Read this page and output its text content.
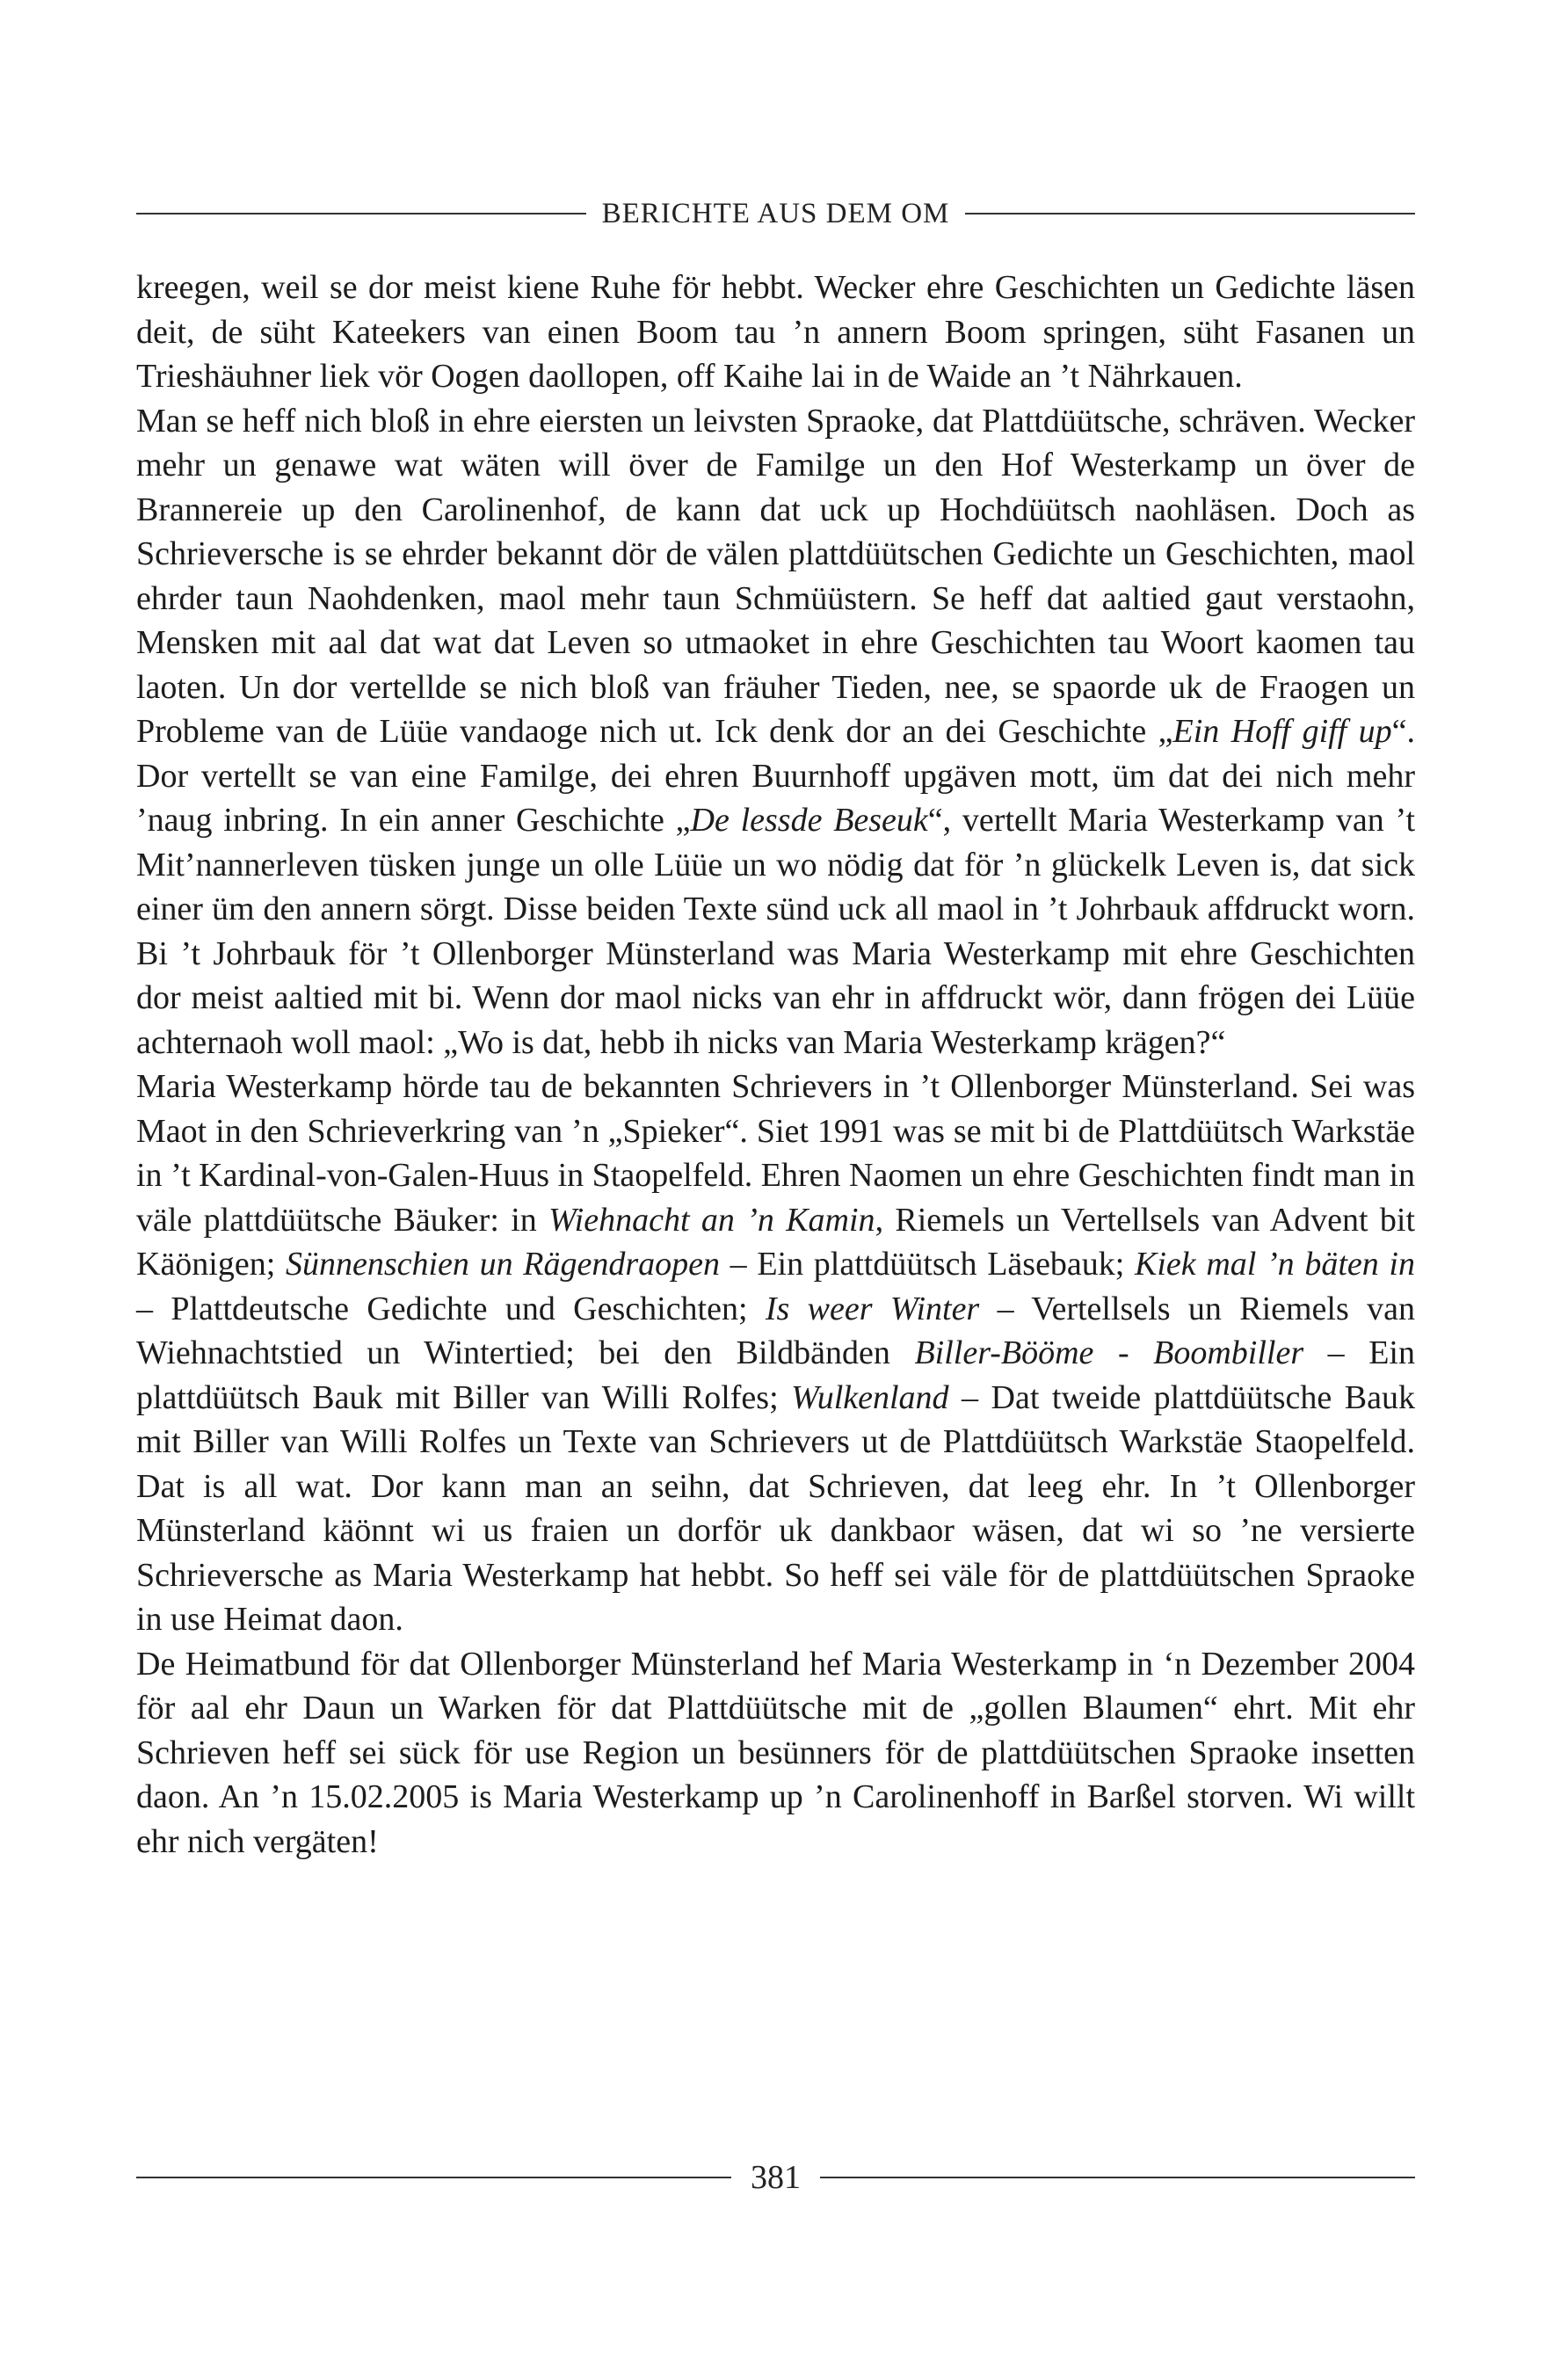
BERICHTE AUS DEM OM

kreegen, weil se dor meist kiene Ruhe för hebbt. Wecker ehre Geschichten un Gedichte läsen deit, de süht Kateekers van einen Boom tau ’n annern Boom springen, süht Fasanen un Trieshäuhner liek vör Oogen daollopen, off Kaihe lai in de Waide an ’t Nährkauen.

Man se heff nich bloß in ehre eiersten un leivsten Spraoke, dat Plattdüütsche, schräven. Wecker mehr un genawe wat wäten will över de Familge un den Hof Westerkamp un över de Brannereie up den Carolinenhof, de kann dat uck up Hochdüütsch naohläsen. Doch as Schrieversche is se ehrder bekannt dör de välen plattdüütschen Gedichte un Geschichten, maol ehrder taun Naohdenken, maol mehr taun Schmüüstern. Se heff dat aaltied gaut verstaohn, Mensken mit aal dat wat dat Leven so utmaoket in ehre Geschichten tau Woort kaomen tau laoten. Un dor vertellde se nich bloß van fräuher Tieden, nee, se spaorde uk de Fraogen un Probleme van de Lüüe vandaoge nich ut. Ick denk dor an dei Geschichte „Ein Hoff giff up“. Dor vertellt se van eine Familge, dei ehren Buurnhoff upgäven mott, üm dat dei nich mehr ’naug inbring. In ein anner Geschichte „De lessde Beseuk“, vertellt Maria Westerkamp van ’t Mit’nannerleven tüsken junge un olle Lüüe un wo nödig dat för ’n glückelk Leven is, dat sick einer üm den annern sörgt. Disse beiden Texte sünd uck all maol in ’t Johrbauk affdruckt worn. Bi ’t Johrbauk för ’t Ollenborger Münsterland was Maria Westerkamp mit ehre Geschichten dor meist aaltied mit bi. Wenn dor maol nicks van ehr in affdruckt wör, dann frögen dei Lüüe achternaoh woll maol: „Wo is dat, hebb ih nicks van Maria Westerkamp krägen?“

Maria Westerkamp hörde tau de bekannten Schrievers in ’t Ollenborger Münsterland. Sei was Maot in den Schrieverkring van ’n „Spieker“. Siet 1991 was se mit bi de Plattdüütsch Warkstäe in ’t Kardinal-von-Galen-Huus in Staopelfeld. Ehren Naomen un ehre Geschichten findt man in väle plattdüütsche Bäuker: in Wiehnacht an ’n Kamin, Riemels un Vertellsels van Advent bit Käönigen; Sünnenschien un Rägendraopen – Ein plattdüütsch Läsebauk; Kiek mal ’n bäten in – Plattdeutsche Gedichte und Geschichten; Is weer Winter – Vertellsels un Riemels van Wiehnachtstied un Wintertied; bei den Bildbänden Biller-Bööme - Boombiller – Ein plattdüütsch Bauk mit Biller van Willi Rolfes; Wulkenland – Dat tweide plattdüütsche Bauk mit Biller van Willi Rolfes un Texte van Schrievers ut de Plattdüütsch Warkstäe Staopelfeld. Dat is all wat. Dor kann man an seihn, dat Schrieven, dat leeg ehr. In ’t Ollenborger Münsterland käönnt wi us fraien un dorför uk dankbaor wäsen, dat wi so ’ne versierte Schrieversche as Maria Westerkamp hat hebbt. So heff sei väle för de plattdüütschen Spraoke in use Heimat daon.

De Heimatbund för dat Ollenborger Münsterland hef Maria Westerkamp in ‘n Dezember 2004 för aal ehr Daun un Warken för dat Plattdüütsche mit de „gollen Blaumen“ ehrt. Mit ehr Schrieven heff sei sück för use Region un besünners för de plattdüütschen Spraoke insetten daon. An ’n 15.02.2005 is Maria Westerkamp up ’n Carolinenhoff in Barßel storven. Wi willt ehr nich vergäten!

381
